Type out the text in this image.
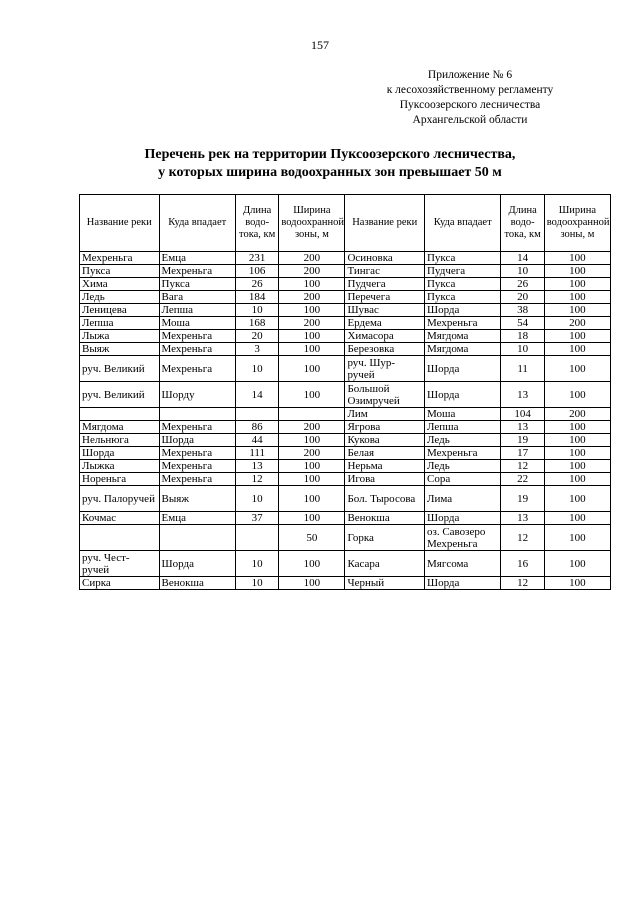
157
Приложение № 6
к лесохозяйственному регламенту
Пуксоозерского лесничества
Архангельской области
Перечень рек на территории Пуксоозерского лесничества,
у которых ширина водоохранных зон превышает 50 м
Название реки	Куда впадает	Длина водо-тока, км	Ширина водоохранной зоны, м	Название реки	Куда впадает	Длина водо-тока, км	Ширина водоохранной зоны, м
Мехреньга	Емца	231	200	Осиновка	Пукса	14	100
Пукса	Мехреньга	106	200	Тингас	Пудчега	10	100
Хима	Пукса	26	100	Пудчега	Пукса	26	100
Ледь	Вага	184	200	Перечега	Пукса	20	100
Леницева	Лепша	10	100	Шувас	Шорда	38	100
Лепша	Моша	168	200	Ердема	Мехреньга	54	200
Лыжа	Мехреньга	20	100	Химасора	Мягдома	18	100
Выяж	Мехреньга	3	100	Березовка	Мягдома	10	100
руч. Великий	Мехреньга	10	100	руч. Шур-ручей	Шорда	11	100
руч. Великий	Шорду	14	100	Большой Озимручей	Шорда	13	100
				Лим	Моша	104	200
Мягдома	Мехреньга	86	200	Ягрова	Лепша	13	100
Нельнюга	Шорда	44	100	Кукова	Ледь	19	100
Шорда	Мехреньга	111	200	Белая	Мехреньга	17	100
Лыжка	Мехреньга	13	100	Нерьма	Ледь	12	100
Нореньга	Мехреньга	12	100	Игова	Сора	22	100
руч. Палоручей	Выяж	10	100	Бол. Тыросова	Лима	19	100
Кочмас	Емца	37	100	Венокша	Шорда	13	100
			50	Горка	оз. Савозеро Мехреньга	12	100
руч. Чест-ручей	Шорда	10	100	Касара	Мягсома	16	100
Сирка	Венокша	10	100	Черный	Шорда	12	100
